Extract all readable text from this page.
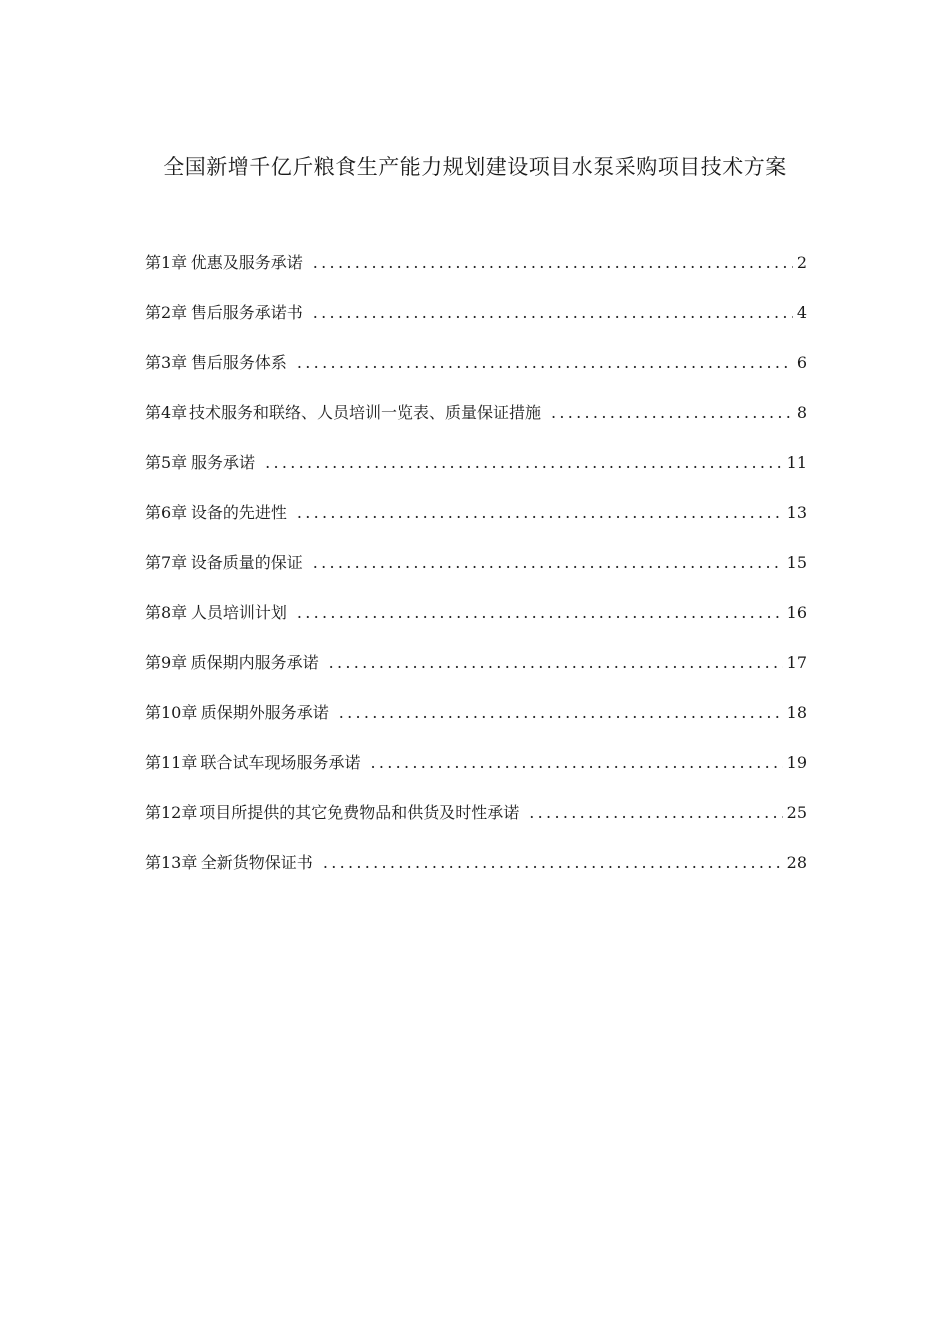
全国新增千亿斤粮食生产能力规划建设项目水泵采购项目技术方案
第1章 优惠及服务承诺 .....	2
第2章 售后服务承诺书 .....	4
第3章 售后服务体系 .....	6
第4章 技术服务和联络、人员培训一览表、质量保证措施 .....	8
第5章 服务承诺 .....	11
第6章 设备的先进性 .....	13
第7章 设备质量的保证 .....	15
第8章 人员培训计划 .....	16
第9章 质保期内服务承诺 .....	17
第10章 质保期外服务承诺 .....	18
第11章 联合试车现场服务承诺 .....	19
第12章 项目所提供的其它免费物品和供货及时性承诺 .....	25
第13章 全新货物保证书 .....	28
